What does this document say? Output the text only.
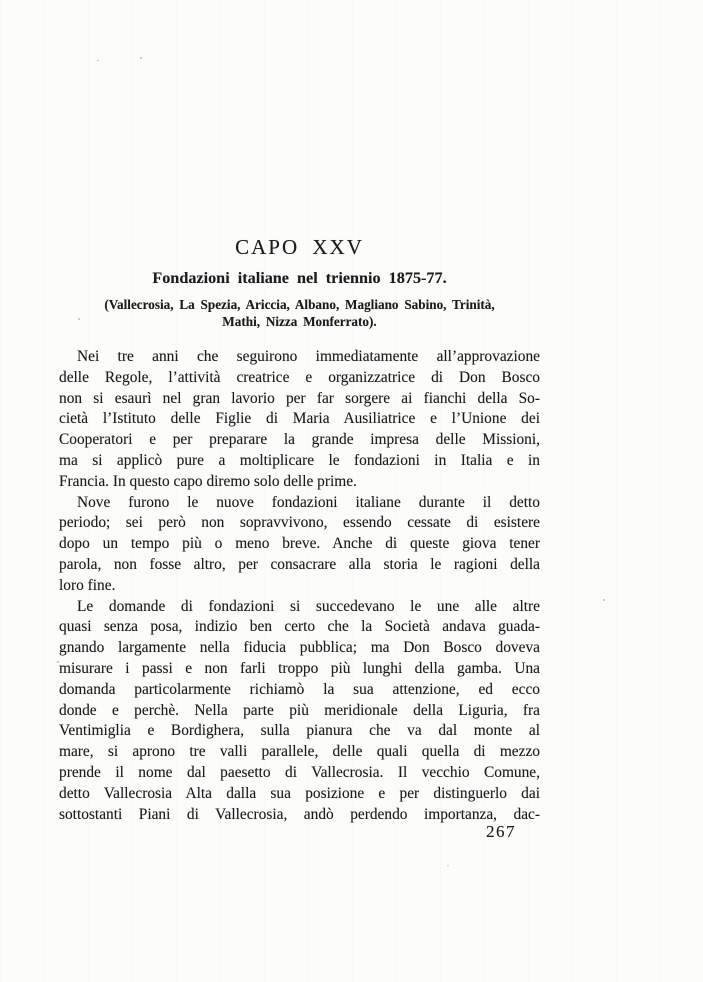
CAPO XXV
Fondazioni italiane nel triennio 1875-77.
(Vallecrosia, La Spezia, Ariccia, Albano, Magliano Sabino, Trinità,
Mathi, Nizza Monferrato).
Nei tre anni che seguirono immediatamente all’approvazione
delle Regole, l’attività creatrice e organizzatrice di Don Bosco
non si esaurì nel gran lavorio per far sorgere ai fianchi della So-
cietà l’Istituto delle Figlie di Maria Ausiliatrice e l’Unione dei
Cooperatori e per preparare la grande impresa delle Missioni,
ma si applicò pure a moltiplicare le fondazioni in Italia e in
Francia. In questo capo diremo solo delle prime.
Nove furono le nuove fondazioni italiane durante il detto
periodo; sei però non sopravvivono, essendo cessate di esistere
dopo un tempo più o meno breve. Anche di queste giova tener
parola, non fosse altro, per consacrare alla storia le ragioni della
loro fine.
Le domande di fondazioni si succedevano le une alle altre
quasi senza posa, indizio ben certo che la Società andava guada-
gnando largamente nella fiducia pubblica; ma Don Bosco doveva
misurare i passi e non farli troppo più lunghi della gamba. Una
domanda particolarmente richiamò la sua attenzione, ed ecco
donde e perchè. Nella parte più meridionale della Liguria, fra
Ventimiglia e Bordighera, sulla pianura che va dal monte al
mare, si aprono tre valli parallele, delle quali quella di mezzo
prende il nome dal paesetto di Vallecrosia. Il vecchio Comune,
detto Vallecrosia Alta dalla sua posizione e per distinguerlo dai
sottostanti Piani di Vallecrosia, andò perdendo importanza, dac-
267
